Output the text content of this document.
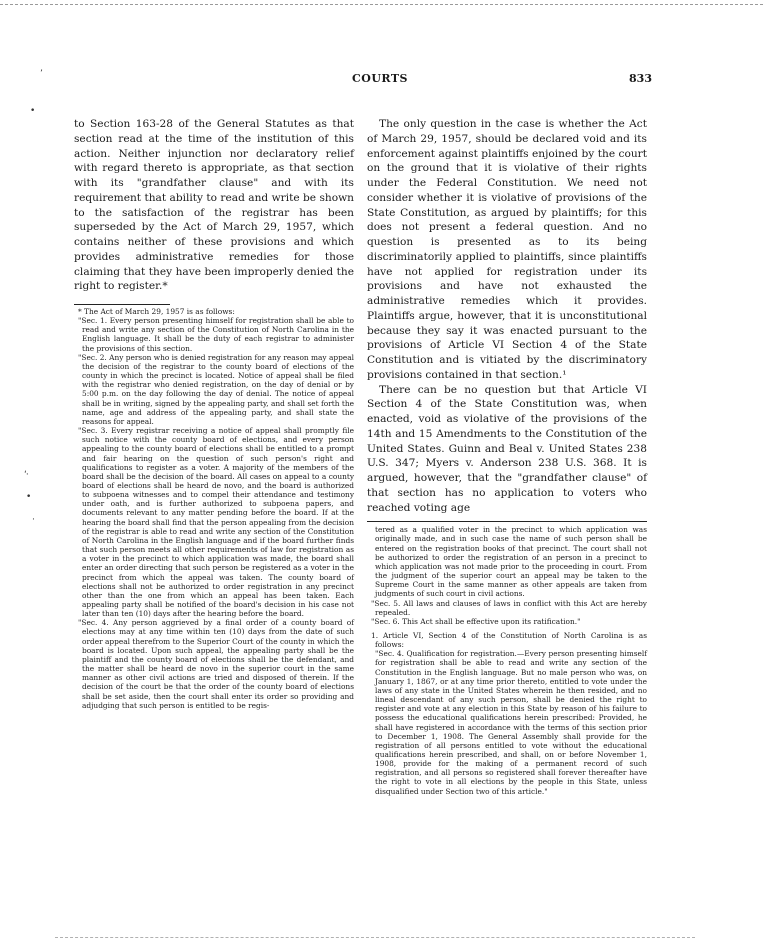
’
•
‘⋅
•
⋅
COURTS	833

to Section 163-28 of the General Statutes as that section read at the time of the institution of this action. Neither injunction nor declaratory relief with regard thereto is appropriate, as that section with its "grandfather clause" and with its requirement that ability to read and write be shown to the satisfaction of the registrar has been superseded by the Act of March 29, 1957, which contains neither of these provisions and which provides administrative remedies for those claiming that they have been improperly denied the right to register.*

* The Act of March 29, 1957 is as follows:

"Sec. 1. Every person presenting himself for registration shall be able to read and write any section of the Constitution of North Carolina in the English language. It shall be the duty of each registrar to administer the provisions of this section.

"Sec. 2. Any person who is denied registration for any reason may appeal the decision of the registrar to the county board of elections of the county in which the precinct is located. Notice of appeal shall be filed with the registrar who denied registration, on the day of denial or by 5:00 p.m. on the day following the day of denial. The notice of appeal shall be in writing, signed by the appealing party, and shall set forth the name, age and address of the appealing party, and shall state the reasons for appeal.

"Sec. 3. Every registrar receiving a notice of appeal shall promptly file such notice with the county board of elections, and every person appealing to the county board of elections shall be entitled to a prompt and fair hearing on the question of such person's right and qualifications to register as a voter. A majority of the members of the board shall be the decision of the board. All cases on appeal to a county board of elections shall be heard de novo, and the board is authorized to subpoena witnesses and to compel their attendance and testimony under oath, and is further authorized to subpoena papers, and documents relevant to any matter pending before the board. If at the hearing the board shall find that the person appealing from the decision of the registrar is able to read and write any section of the Constitution of North Carolina in the English language and if the board further finds that such person meets all other requirements of law for registration as a voter in the precinct to which application was made, the board shall enter an order directing that such person be registered as a voter in the precinct from which the appeal was taken. The county board of elections shall not be authorized to order registration in any precinct other than the one from which an appeal has been taken. Each appealing party shall be notified of the board's decision in his case not later than ten (10) days after the hearing before the board.

"Sec. 4. Any person aggrieved by a final order of a county board of elections may at any time within ten (10) days from the date of such order appeal therefrom to the Superior Court of the county in which the board is located. Upon such appeal, the appealing party shall be the plaintiff and the county board of elections shall be the defendant, and the matter shall be heard de novo in the superior court in the same manner as other civil actions are tried and disposed of therein. If the decision of the court be that the order of the county board of elections shall be set aside, then the court shall enter its order so providing and adjudging that such person is entitled to be regis-

The only question in the case is whether the Act of March 29, 1957, should be declared void and its enforcement against plaintiffs enjoined by the court on the ground that it is violative of their rights under the Federal Constitution. We need not consider whether it is violative of provisions of the State Constitution, as argued by plaintiffs; for this does not present a federal question. And no question is presented as to its being discriminatorily applied to plaintiffs, since plaintiffs have not applied for registration under its provisions and have not exhausted the administrative remedies which it provides. Plaintiffs argue, however, that it is unconstitutional because they say it was enacted pursuant to the provisions of Article VI Section 4 of the State Constitution and is vitiated by the discriminatory provisions contained in that section.¹

There can be no question but that Article VI Section 4 of the State Constitution was, when enacted, void as violative of the provisions of the 14th and 15 Amendments to the Constitution of the United States. Guinn and Beal v. United States 238 U.S. 347; Myers v. Anderson 238 U.S. 368. It is argued, however, that the "grandfather clause" of that section has no application to voters who reached voting age

tered as a qualified voter in the precinct to which application was originally made, and in such case the name of such person shall be entered on the registration books of that precinct. The court shall not be authorized to order the registration of an person in a precinct to which application was not made prior to the proceeding in court. From the judgment of the superior court an appeal may be taken to the Supreme Court in the same manner as other appeals are taken from judgments of such court in civil actions.

"Sec. 5. All laws and clauses of laws in conflict with this Act are hereby repealed.

"Sec. 6. This Act shall be effective upon its ratification."

1. Article VI, Section 4 of the Constitution of North Carolina is as follows:

"Sec. 4. Qualification for registration.—Every person presenting himself for registration shall be able to read and write any section of the Constitution in the English language. But no male person who was, on January 1, 1867, or at any time prior thereto, entitled to vote under the laws of any state in the United States wherein he then resided, and no lineal descendant of any such person, shall be denied the right to register and vote at any election in this State by reason of his failure to possess the educational qualifications herein prescribed: Provided, he shall have registered in accordance with the terms of this section prior to December 1, 1908. The General Assembly shall provide for the registration of all persons entitled to vote without the educational qualifications herein prescribed, and shall, on or before November 1, 1908, provide for the making of a permanent record of such registration, and all persons so registered shall forever thereafter have the right to vote in all elections by the people in this State, unless disqualified under Section two of this article."
